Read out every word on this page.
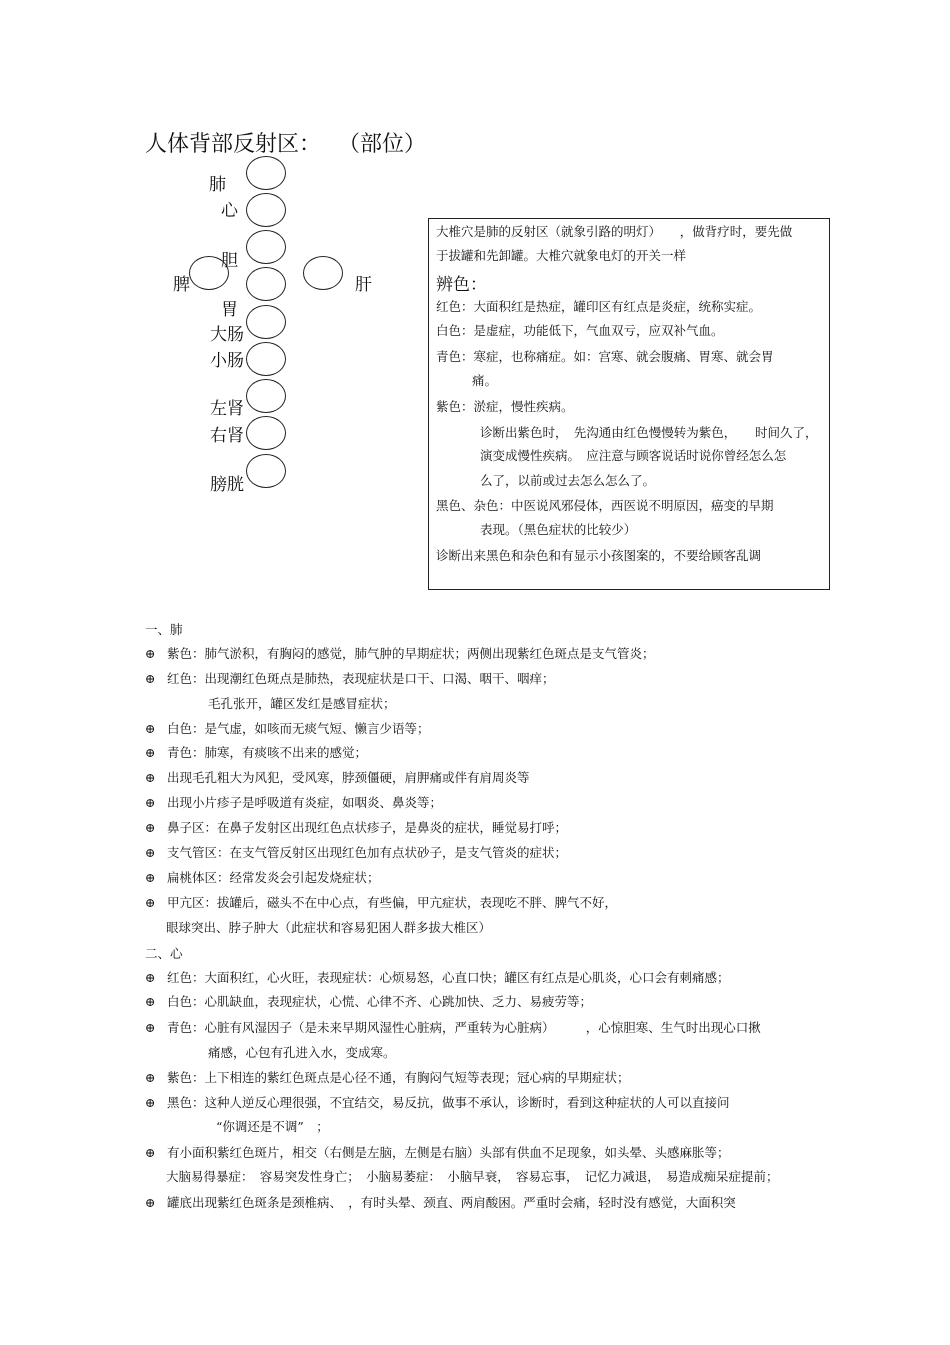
人体背部反射区： （部位）
肺
心
胆
脾	肝
胃
大肠
小肠
左肾
右肾
膀胱
大椎穴是肺的反射区（就象引路的明灯）　　，做背疗时，要先做
于拔罐和先卸罐。大椎穴就象电灯的开关一样
辨色：
红色：大面积红是热症，罐印区有红点是炎症，统称实症。
白色：是虚症，功能低下，气血双亏，应双补气血。
青色：寒症，也称痛症。如：宫寒、就会腹痛、胃寒、就会胃
痛。
紫色：淤症，慢性疾病。
诊断出紫色时，　先沟通由红色慢慢转为紫色，　　时间久了，
演变成慢性疾病。　应注意与顾客说话时说你曾经怎么怎
么了，以前或过去怎么怎么了。
黑色、杂色：中医说风邪侵体，西医说不明原因，癌变的早期
表现。（黑色症状的比较少）
诊断出来黑色和杂色和有显示小孩图案的，不要给顾客乱调
一、肺
⊕ 紫色：肺气淤积，有胸闷的感觉，肺气肿的早期症状；两侧出现紫红色斑点是支气管炎；
⊕ 红色：出现潮红色斑点是肺热，表现症状是口干、口渴、咽干、咽痒；
毛孔张开，罐区发红是感冒症状；
⊕ 白色：是气虚，如咳而无痰气短、懒言少语等；
⊕ 青色：肺寒，有痰咳不出来的感觉；
⊕ 出现毛孔粗大为风犯，受风寒，脖颈僵硬，肩胛痛或伴有肩周炎等
⊕ 出现小片疹子是呼吸道有炎症，如咽炎、鼻炎等；
⊕ 鼻子区：在鼻子发射区出现红色点状疹子，是鼻炎的症状，睡觉易打呼；
⊕ 支气管区：在支气管反射区出现红色加有点状砂子，是支气管炎的症状；
⊕ 扁桃体区：经常发炎会引起发烧症状；
⊕ 甲亢区：拔罐后，磁头不在中心点，有些偏，甲亢症状，表现吃不胖、脾气不好，
眼球突出、脖子肿大（此症状和容易犯困人群多拔大椎区）
二、心
⊕ 红色：大面积红，心火旺，表现症状：心烦易怒，心直口快；罐区有红点是心肌炎，心口会有刺痛感；
⊕ 白色：心肌缺血，表现症状，心慌、心律不齐、心跳加快、乏力、易疲劳等；
⊕ 青色：心脏有风湿因子（是未来早期风湿性心脏病，严重转为心脏病）　　　，心惊胆寒、生气时出现心口揪
痛感，心包有孔进入水，变成寒。
⊕ 紫色：上下相连的紫红色斑点是心径不通，有胸闷气短等表现；冠心病的早期症状；
⊕ 黑色：这种人逆反心理很强，不宜结交，易反抗，做事不承认，诊断时，看到这种症状的人可以直接问
“你调还是不调”　；
⊕ 有小面积紫红色斑片，相交（右侧是左脑，左侧是右脑）头部有供血不足现象，如头晕、头感麻胀等；
大脑易得暴症：　容易突发性身亡；　小脑易萎症：　小脑早衰，　容易忘事，　记忆力减退，　易造成痴呆症提前；
⊕ 罐底出现紫红色斑条是颈椎病、　，有时头晕、颈直、两肩酸困。严重时会痛，轻时没有感觉，大面积突
